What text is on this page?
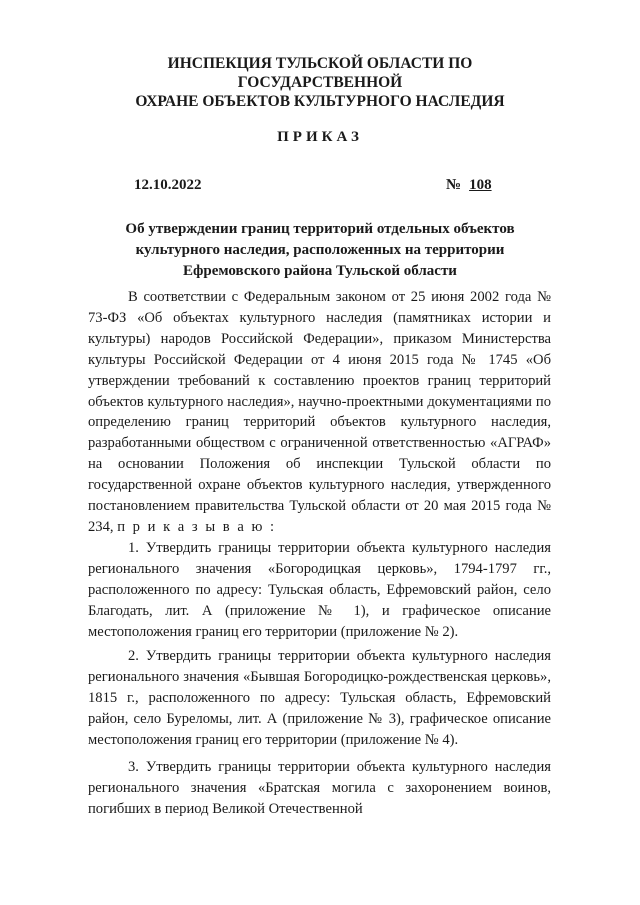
ИНСПЕКЦИЯ ТУЛЬСКОЙ ОБЛАСТИ ПО
ГОСУДАРСТВЕННОЙ
ОХРАНЕ ОБЪЕКТОВ КУЛЬТУРНОГО НАСЛЕДИЯ
ПРИКАЗ
12.10.2022	№ 108
Об утверждении границ территорий отдельных объектов
культурного наследия, расположенных на территории
Ефремовского района Тульской области

В соответствии с Федеральным законом от 25 июня 2002 года № 73-ФЗ «Об объектах культурного наследия (памятниках истории и культуры) народов Российской Федерации», приказом Министерства культуры Российской Федерации от 4 июня 2015 года № 1745 «Об утверждении требований к составлению проектов границ территорий объектов культурного наследия», научно-проектными документациями по определению границ территорий объектов культурного наследия, разработанными обществом с ограниченной ответственностью «АГРАФ» на основании Положения об инспекции Тульской области по государственной охране объектов культурного наследия, утвержденного постановлением правительства Тульской области от 20 мая 2015 года № 234, п р и к а з ы в а ю :

1. Утвердить границы территории объекта культурного наследия регионального значения «Богородицкая церковь», 1794-1797 гг., расположенного по адресу: Тульская область, Ефремовский район, село Благодать, лит. А (приложение № 1), и графическое описание местоположения границ его территории (приложение № 2).

2. Утвердить границы территории объекта культурного наследия регионального значения «Бывшая Богородицко-рождественская церковь», 1815 г., расположенного по адресу: Тульская область, Ефремовский район, село Буреломы, лит. А (приложение № 3), графическое описание местоположения границ его территории (приложение № 4).

3. Утвердить границы территории объекта культурного наследия регионального значения «Братская могила с захоронением воинов, погибших в период Великой Отечественной
